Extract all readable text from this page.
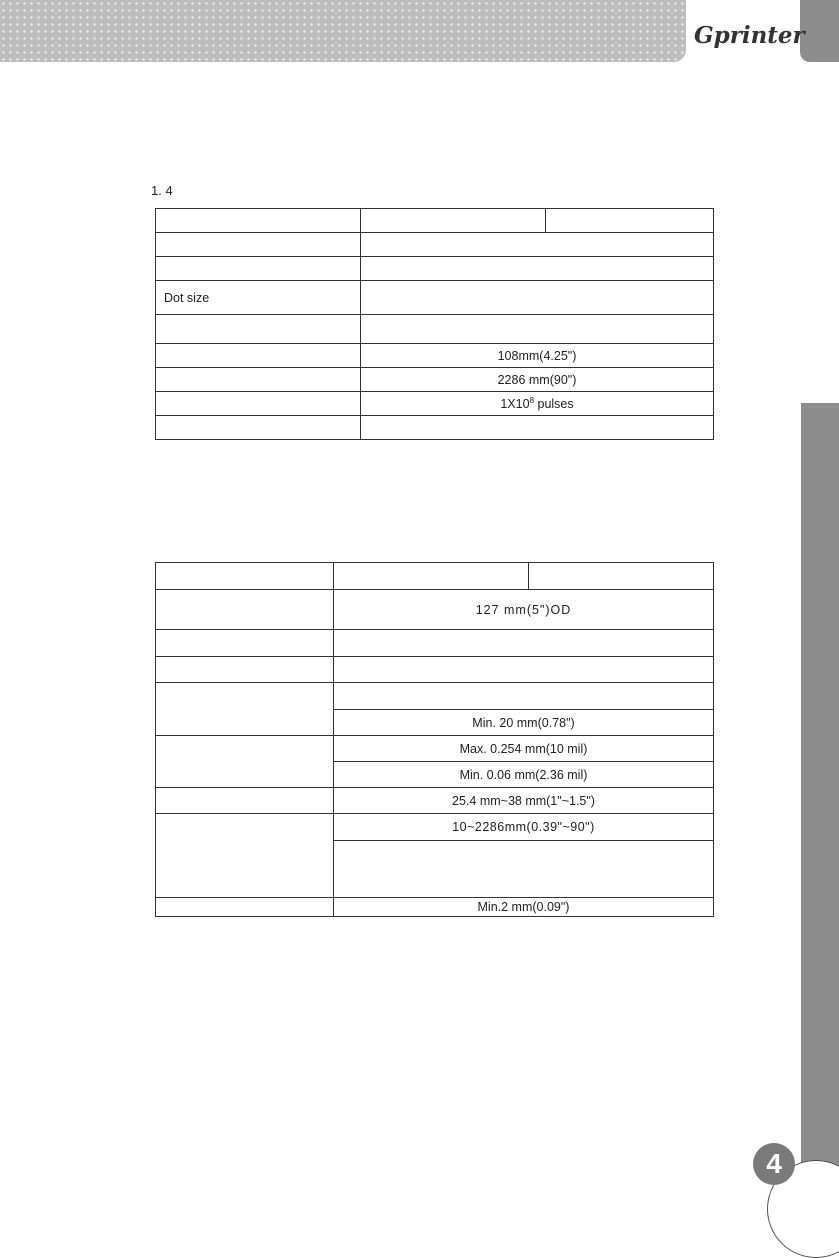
Gprinter
1. 4

Dot size		

	108mm(4.25")	
	2286 mm(90")	
	$1X10^8$ pulses	

	127 mm(5")OD	

	Min. 20 mm(0.78")	
	Max. 0.254 mm(10 mil)	
	Min. 0.06 mm(2.36 mil)	
	25.4 mm~38 mm(1"~1.5")	
	10~2286mm(0.39"~90")	

	Min.2 mm(0.09")	
4
